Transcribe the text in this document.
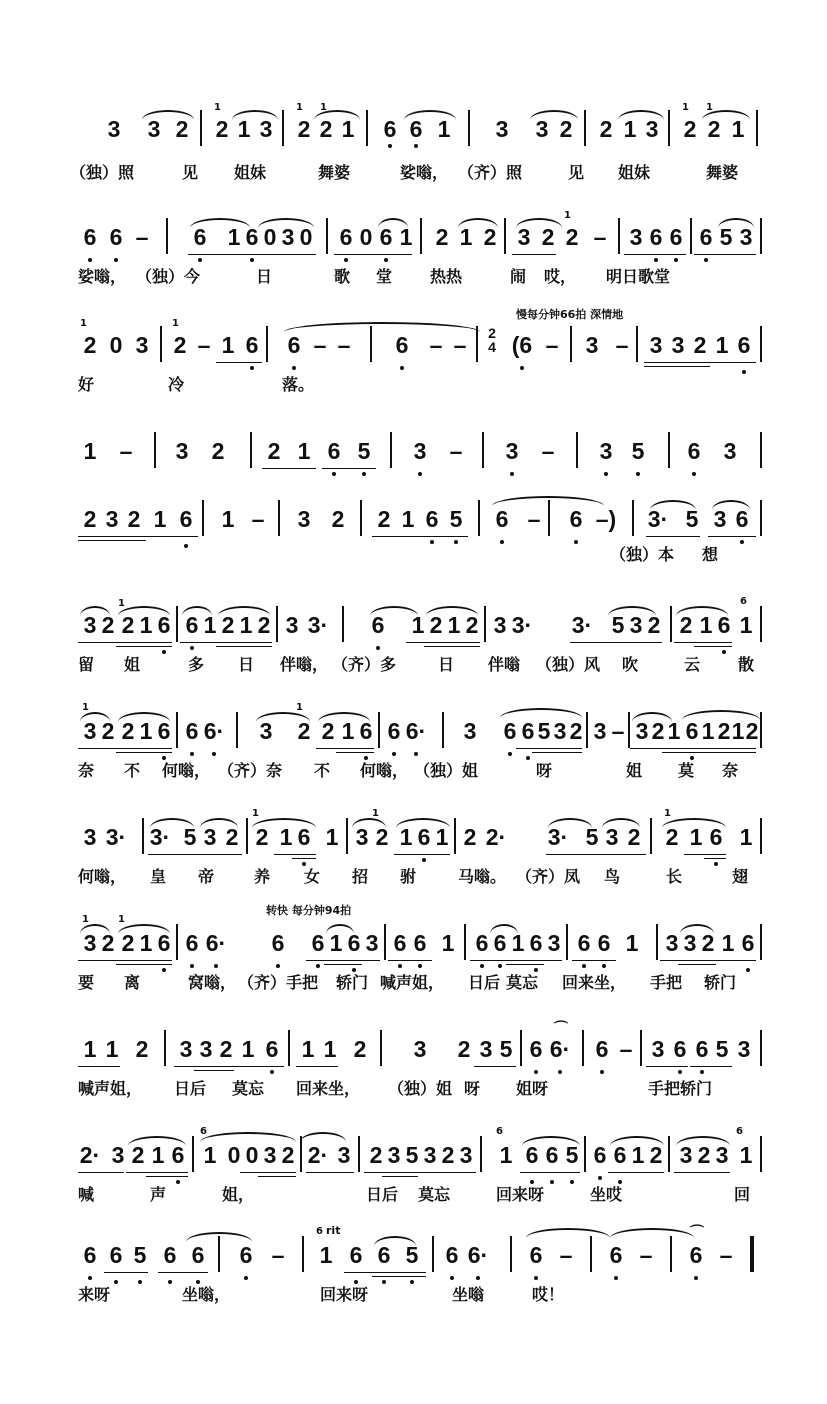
3 3 2 2 1 3 2 2 1 6 6 1 3 3 2 2 1 3 2 2 1
1	1 1	1 1
（独）照	见 姐妹	舞婆	娑嗡， （齐）照	见 姐妹	舞婆
6 6 – 6 1 6 0 3 0 6 0 6 1 2 1 2 3 2 2 – 3 6 6 6 5 3
1
娑嗡， （独）今	日	歌 堂 热热	闹 哎， 明日歌堂
慢每分钟66拍 深情地
2 0 3 2 – 1 6 6 – – 6 – –	2
4 (6 – 3 – 3 3 2 1 6
1	1
好	冷	落。
1 – 3 2 2 1 6 5 3 – 3 – 3 5 6 3
2 3 2 1 6 1 – 3 2 2 1 6 5 6 – 6 –) 3· 5 3 6
（独）本 想
3 2 2 1 6 6 1 2 1 2 3 3· 6 1 2 1 2 3 3· 3· 5 3 2 2 1 6 1
1	6
留 姐	多 日 伴嗡， （齐）多	日 伴嗡 （独）风 吹	云 散
3 2 2 1 6 6 6· 3 2 2 1 6 6 6· 3 6 6 5 3 2 3 – 3 2 1 6 1 2 1 2
1	1
奈 不 何嗡， （齐）奈 不 何嗡， （独）姐	呀	姐 莫 奈
3 3· 3· 5 3 2 2 1 6 1 3 2 1 6 1 2 2· 3· 5 3 2 2 1 6 1
1	1	1
何嗡， 皇 帝 养 女 招 驸	马嗡。 （齐）凤 鸟	长	翅
转快 每分钟94拍
3 2 2 1 6 6 6· 6 6 1 6 3 6 6 1 6 6 1 6 3 6 6 1 3 3 2 1 6
1	1
要 离	窝嗡， （齐）手 把 轿门 喊声姐， 日后 莫忘 回来坐， 手把 轿门
1 1 2 3 3 2 1 6 1 1 2 3 2 3 5 6 6· 6 – 3 6 6 5 3
⌒
喊声姐， 日后 莫忘 回来坐， （独）姐 呀 姐呀	手把轿门
2· 3 2 1 6 1 0 0 3 2 2· 3 2 3 5 3 2 3 1 6 6 5 6 6 1 2 3 2 3 1
6	6	6
喊	声	姐，	日后 莫忘	回来呀	坐哎	回
rit
6 6 5 6 6 6 – 1 6 6 5 6 6· 6 – 6 – 6 –
⌒
6
来呀	坐嗡，	回来呀	坐嗡	哎！
